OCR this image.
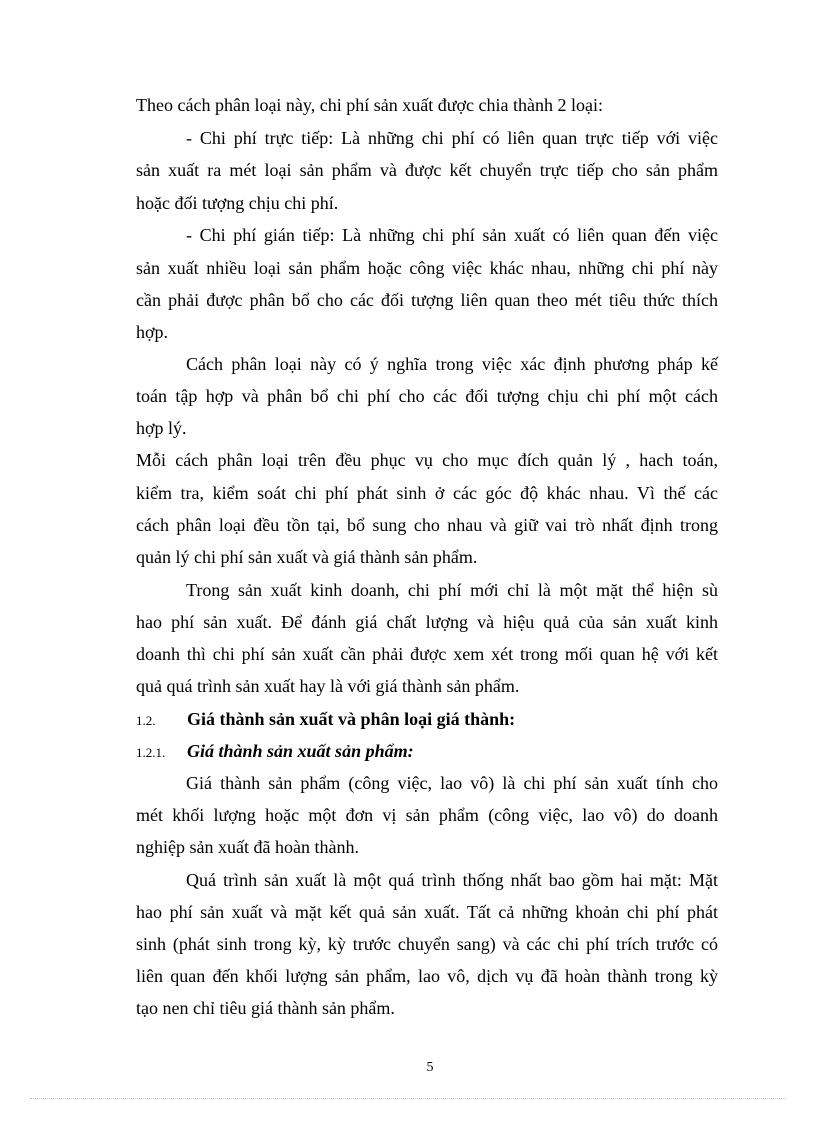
Theo cách phân loại này, chi phí sản xuất được chia thành 2 loại:
- Chi phí trực tiếp: Là những chi phí có liên quan trực tiếp với việc
sản xuất ra mét loại sản phẩm và được kết chuyển trực tiếp cho sản phẩm
hoặc đối tượng chịu chi phí.
- Chi phí gián tiếp: Là những chi phí sản xuất có liên quan đến việc
sản xuất nhiều loại sản phẩm hoặc công việc khác nhau, những chi phí này
cần phải được phân bổ cho các đối tượng liên quan theo mét tiêu thức thích
hợp.
Cách phân loại này có ý nghĩa trong việc xác định phương pháp kế
toán tập hợp và phân bổ chi phí cho các đối tượng chịu chi phí một cách
hợp lý.
Mỗi cách phân loại trên đều phục vụ cho mục đích quản lý , hach toán,
kiểm tra, kiểm soát chi phí phát sinh ở các góc độ khác nhau. Vì thế các
cách phân loại đều tồn tại, bổ sung cho nhau và giữ vai trò nhất định trong
quản lý chi phí sản xuất và giá thành sản phẩm.
Trong sản xuất kinh doanh, chi phí mới chỉ là một mặt thể hiện sù
hao phí sản xuất. Để đánh giá chất lượng và hiệu quả của sản xuất kinh
doanh thì chi phí sản xuất cần phải được xem xét trong mối quan hệ với kết
quả quá trình sản xuất hay là với giá thành sản phẩm.
1.2. Giá thành sản xuất và phân loại giá thành:
1.2.1. Giá thành sản xuất sản phẩm:
Giá thành sản phẩm (công việc, lao vô) là chi phí sản xuất tính cho
mét khối lượng hoặc một đơn vị sản phẩm (công việc, lao vô) do doanh
nghiệp sản xuất đã hoàn thành.
Quá trình sản xuất là một quá trình thống nhất bao gồm hai mặt: Mặt
hao phí sản xuất và mặt kết quả sản xuất. Tất cả những khoản chi phí phát
sinh (phát sinh trong kỳ, kỳ trước chuyển sang) và các chi phí trích trước có
liên quan đến khối lượng sản phẩm, lao vô, dịch vụ đã hoàn thành trong kỳ
tạo nen chỉ tiêu giá thành sản phẩm.
5
